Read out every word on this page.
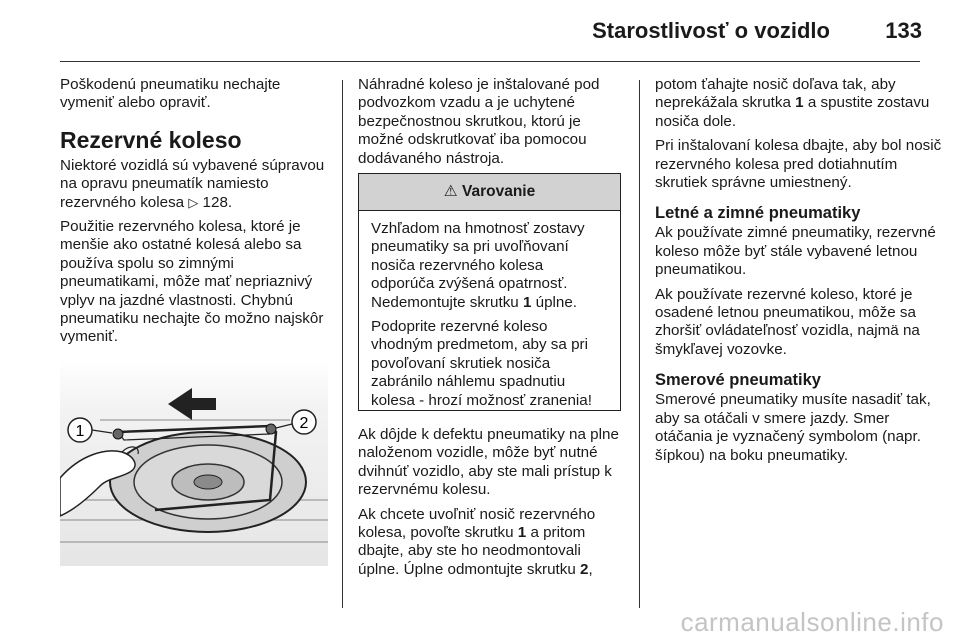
Starostlivosť o vozidlo	133

Poškodenú pneumatiku nechajte vymeniť alebo opraviť.

Rezervné koleso

Niektoré vozidlá sú vybavené súpravou na opravu pneumatík namiesto rezervného kolesa ▷ 128.

Použitie rezervného kolesa, ktoré je menšie ako ostatné kolesá alebo sa používa spolu so zimnými pneumatikami, môže mať nepriaznivý vplyv na jazdné vlastnosti. Chybnú pneumatiku nechajte čo možno najskôr vymeniť.

1	2

Náhradné koleso je inštalované pod podvozkom vzadu a je uchytené bezpečnostnou skrutkou, ktorú je možné odskrutkovať iba pomocou dodávaného nástroja.

⚠ Varovanie

Vzhľadom na hmotnosť zostavy pneumatiky sa pri uvoľňovaní nosiča rezervného kolesa odporúča zvýšená opatrnosť. Nedemontujte skrutku 1 úplne.

Podoprite rezervné koleso vhodným predmetom, aby sa pri povoľovaní skrutiek nosiča zabránilo náhlemu spadnutiu kolesa - hrozí možnosť zranenia!

Ak dôjde k defektu pneumatiky na plne naloženom vozidle, môže byť nutné dvihnúť vozidlo, aby ste mali prístup k rezervnému kolesu.

Ak chcete uvoľniť nosič rezervného kolesa, povoľte skrutku 1 a pritom dbajte, aby ste ho neodmontovali úplne. Úplne odmontujte skrutku 2,

potom ťahajte nosič doľava tak, aby neprekážala skrutka 1 a spustite zostavu nosiča dole.

Pri inštalovaní kolesa dbajte, aby bol nosič rezervného kolesa pred dotiahnutím skrutiek správne umiestnený.

Letné a zimné pneumatiky

Ak používate zimné pneumatiky, rezervné koleso môže byť stále vybavené letnou pneumatikou.

Ak používate rezervné koleso, ktoré je osadené letnou pneumatikou, môže sa zhoršiť ovládateľnosť vozidla, najmä na šmykľavej vozovke.

Smerové pneumatiky

Smerové pneumatiky musíte nasadiť tak, aby sa otáčali v smere jazdy. Smer otáčania je vyznačený symbolom (napr. šípkou) na boku pneumatiky.

carmanualsonline.info
